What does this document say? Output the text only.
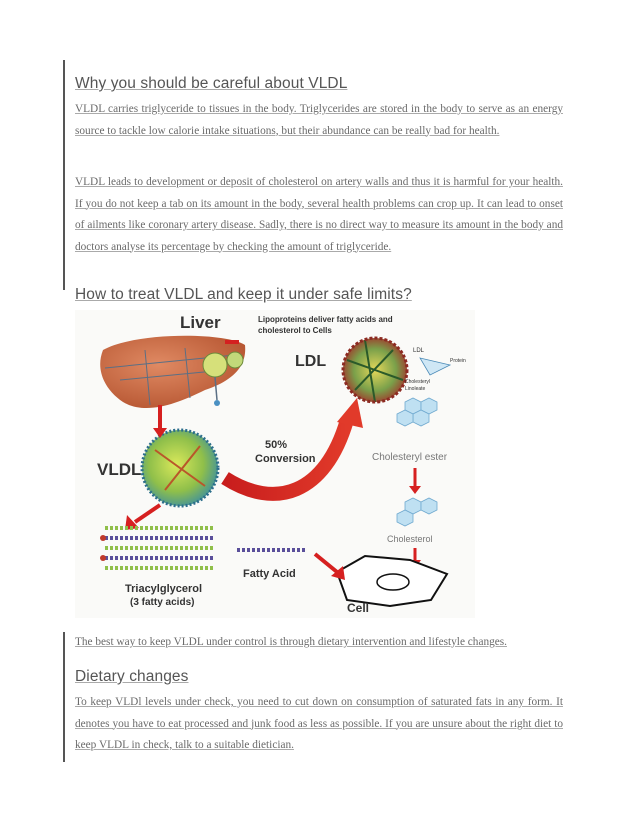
Why you should be careful about VLDL

VLDL carries triglyceride to tissues in the body. Triglycerides are stored in the body to serve as an energy source to tackle low calorie intake situations, but their abundance can be really bad for health.

VLDL leads to development or deposit of cholesterol on artery walls and thus it is harmful for your health. If you do not keep a tab on its amount in the body, several health problems can crop up. It can lead to onset of ailments like coronary artery disease. Sadly, there is no direct way to measure its amount in the body and doctors analyse its percentage by checking the amount of triglyceride.

How to treat VLDL and keep it under safe limits?
Liver	Lipoproteins deliver fatty acids and
cholesterol to Cells
LDL
LDL
Protein
Cholesteryl
Linoleate
Cholesteryl ester
Cholesterol
Cell
VLDL
50%
Conversion
Triacylglycerol
(3 fatty acids)
Fatty Acid

The best way to keep VLDL under control is through dietary intervention and lifestyle changes.

Dietary changes

To keep VLDl levels under check, you need to cut down on consumption of saturated fats in any form. It denotes you have to eat processed and junk food as less as possible. If you are unsure about the right diet to keep VLDL in check, talk to a suitable dietician.
